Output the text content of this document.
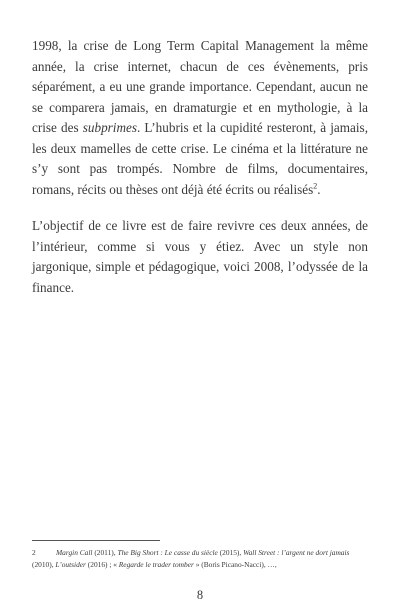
1998, la crise de Long Term Capital Management la même année, la crise internet, chacun de ces évènements, pris séparément, a eu une grande importance. Cependant, aucun ne se comparera jamais, en dramaturgie et en mythologie, à la crise des subprimes. L’hubris et la cupidité resteront, à jamais, les deux mamelles de cette crise. Le cinéma et la littérature ne s’y sont pas trompés. Nombre de films, documentaires, romans, récits ou thèses ont déjà été écrits ou réalisés$^2$.

L’objectif de ce livre est de faire revivre ces deux années, de l’intérieur, comme si vous y étiez. Avec un style non jargonique, simple et pédagogique, voici 2008, l’odyssée de la finance.

2	Margin Call (2011), The Big Short : Le casse du siècle (2015), Wall Street : l’argent ne dort jamais (2010), L’outsider (2016) ; « Regarde le trader tomber » (Boris Picano-Nacci), …,
8
